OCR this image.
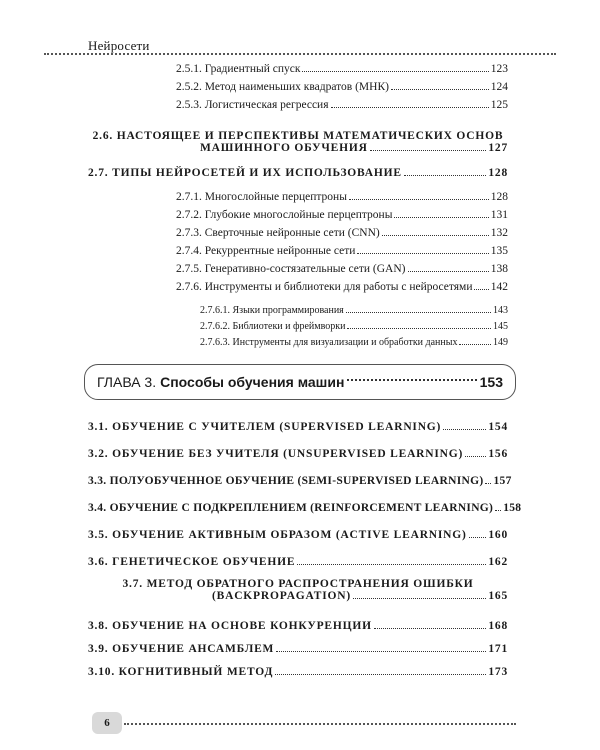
Нейросети
2.5.1. Градиентный спуск	123
2.5.2. Метод наименьших квадратов (МНК)	124
2.5.3. Логистическая регрессия	125
2.6. НАСТОЯЩЕЕ И ПЕРСПЕКТИВЫ МАТЕМАТИЧЕСКИХ ОСНОВ
МАШИННОГО ОБУЧЕНИЯ	127
2.7. ТИПЫ НЕЙРОСЕТЕЙ И ИХ ИСПОЛЬЗОВАНИЕ	128
2.7.1. Многослойные перцептроны	128
2.7.2. Глубокие многослойные перцептроны	131
2.7.3. Сверточные нейронные сети (CNN)	132
2.7.4. Рекуррентные нейронные сети	135
2.7.5. Генеративно-состязательные сети (GAN)	138
2.7.6. Инструменты и библиотеки для работы с нейросетями 142
2.7.6.1. Языки программирования	143
2.7.6.2. Библиотеки и фреймворки	145
2.7.6.3. Инструменты для визуализации и обработки данных	149
ГЛАВА 3. Способы обучения машин	153
3.1. ОБУЧЕНИЕ С УЧИТЕЛЕМ (SUPERVISED LEARNING)	154
3.2. ОБУЧЕНИЕ БЕЗ УЧИТЕЛЯ (UNSUPERVISED LEARNING) 156
3.3. ПОЛУОБУЧЕННОЕ ОБУЧЕНИЕ (SEMI-SUPERVISED LEARNING) 157
3.4. ОБУЧЕНИЕ С ПОДКРЕПЛЕНИЕМ (REINFORCEMENT LEARNING) 158
3.5. ОБУЧЕНИЕ АКТИВНЫМ ОБРАЗОМ (ACTIVE LEARNING) 160
3.6. ГЕНЕТИЧЕСКОЕ ОБУЧЕНИЕ	162
3.7. МЕТОД ОБРАТНОГО РАСПРОСТРАНЕНИЯ ОШИБКИ
(BACKPROPAGATION)	165
3.8. ОБУЧЕНИЕ НА ОСНОВЕ КОНКУРЕНЦИИ	168
3.9. ОБУЧЕНИЕ АНСАМБЛЕМ	171
3.10. КОГНИТИВНЫЙ МЕТОД	173
6
